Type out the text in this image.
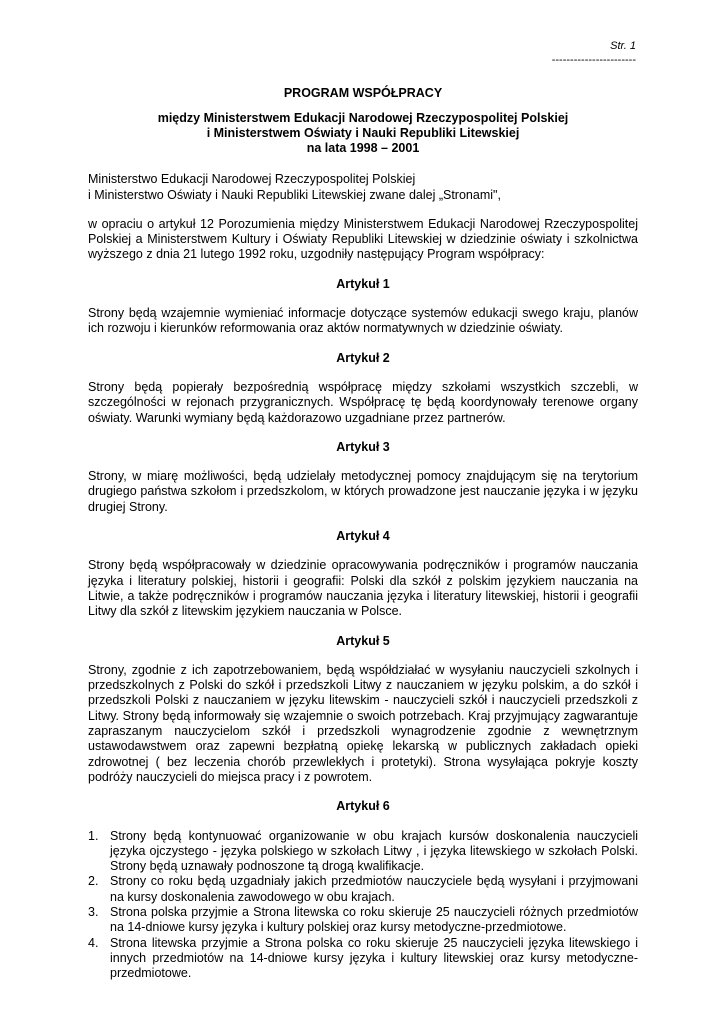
Str. 1
-----------------------
PROGRAM WSPÓŁPRACY
między Ministerstwem Edukacji Narodowej Rzeczypospolitej Polskiej
i Ministerstwem Oświaty i Nauki Republiki Litewskiej
na lata 1998 – 2001

Ministerstwo Edukacji Narodowej Rzeczypospolitej Polskiej
i Ministerstwo Oświaty i Nauki Republiki Litewskiej zwane dalej „Stronami",

w opraciu o artykuł 12 Porozumienia między Ministerstwem Edukacji Narodowej Rzeczypospolitej Polskiej a Ministerstwem Kultury i Oświaty Republiki Litewskiej w dziedzinie oświaty i szkolnictwa wyższego z dnia 21 lutego 1992 roku, uzgodniły następujący Program współpracy:

Artykuł 1

Strony będą wzajemnie wymieniać informacje dotyczące systemów edukacji swego kraju, planów ich rozwoju i kierunków reformowania oraz aktów normatywnych w dziedzinie oświaty.

Artykuł 2

Strony będą popierały bezpośrednią współpracę między szkołami wszystkich szczebli, w szczególności w rejonach przygranicznych. Współpracę tę będą koordynowały terenowe organy oświaty. Warunki wymiany będą każdorazowo uzgadniane przez partnerów.

Artykuł 3

Strony, w miarę możliwości, będą udzielały metodycznej pomocy znajdującym się na terytorium drugiego państwa szkołom i przedszkolom, w których prowadzone jest nauczanie języka i w języku drugiej Strony.

Artykuł 4

Strony będą współpracowały w dziedzinie opracowywania podręczników i programów nauczania języka i literatury polskiej, historii i geografii: Polski dla szkół z polskim językiem nauczania na Litwie, a także podręczników i programów nauczania języka i literatury litewskiej, historii i geografii Litwy dla szkół z litewskim językiem nauczania w Polsce.

Artykuł 5

Strony, zgodnie z ich zapotrzebowaniem, będą współdziałać w wysyłaniu nauczycieli szkolnych i przedszkolnych z Polski do szkół i przedszkoli Litwy z nauczaniem w języku polskim, a do szkół i przedszkoli Polski z nauczaniem w języku litewskim - nauczycieli szkół i nauczycieli przedszkoli z Litwy. Strony będą informowały się wzajemnie o swoich potrzebach. Kraj przyjmujący zagwarantuje zapraszanym nauczycielom szkół i przedszkoli wynagrodzenie zgodnie z wewnętrznym ustawodawstwem oraz zapewni bezpłatną opiekę lekarską w publicznych zakładach opieki zdrowotnej ( bez leczenia chorób przewlekłych i protetyki). Strona wysyłająca pokryje koszty podróży nauczycieli do miejsca pracy i z powrotem.

Artykuł 6
1. Strony będą kontynuować organizowanie w obu krajach kursów doskonalenia nauczycieli języka ojczystego - języka polskiego w szkołach Litwy , i języka litewskiego w szkołach Polski. Strony będą uznawały podnoszone tą drogą kwalifikacje.
2. Strony co roku będą uzgadniały jakich przedmiotów nauczyciele będą wysyłani i przyjmowani na kursy doskonalenia zawodowego w obu krajach.
3. Strona polska przyjmie a Strona litewska co roku skieruje 25 nauczycieli różnych przedmiotów na 14-dniowe kursy języka i kultury polskiej oraz kursy metodyczne-przedmiotowe.
4. Strona litewska przyjmie a Strona polska co roku skieruje 25 nauczycieli języka litewskiego i innych przedmiotów na 14-dniowe kursy języka i kultury litewskiej oraz kursy metodyczne-przedmiotowe.
